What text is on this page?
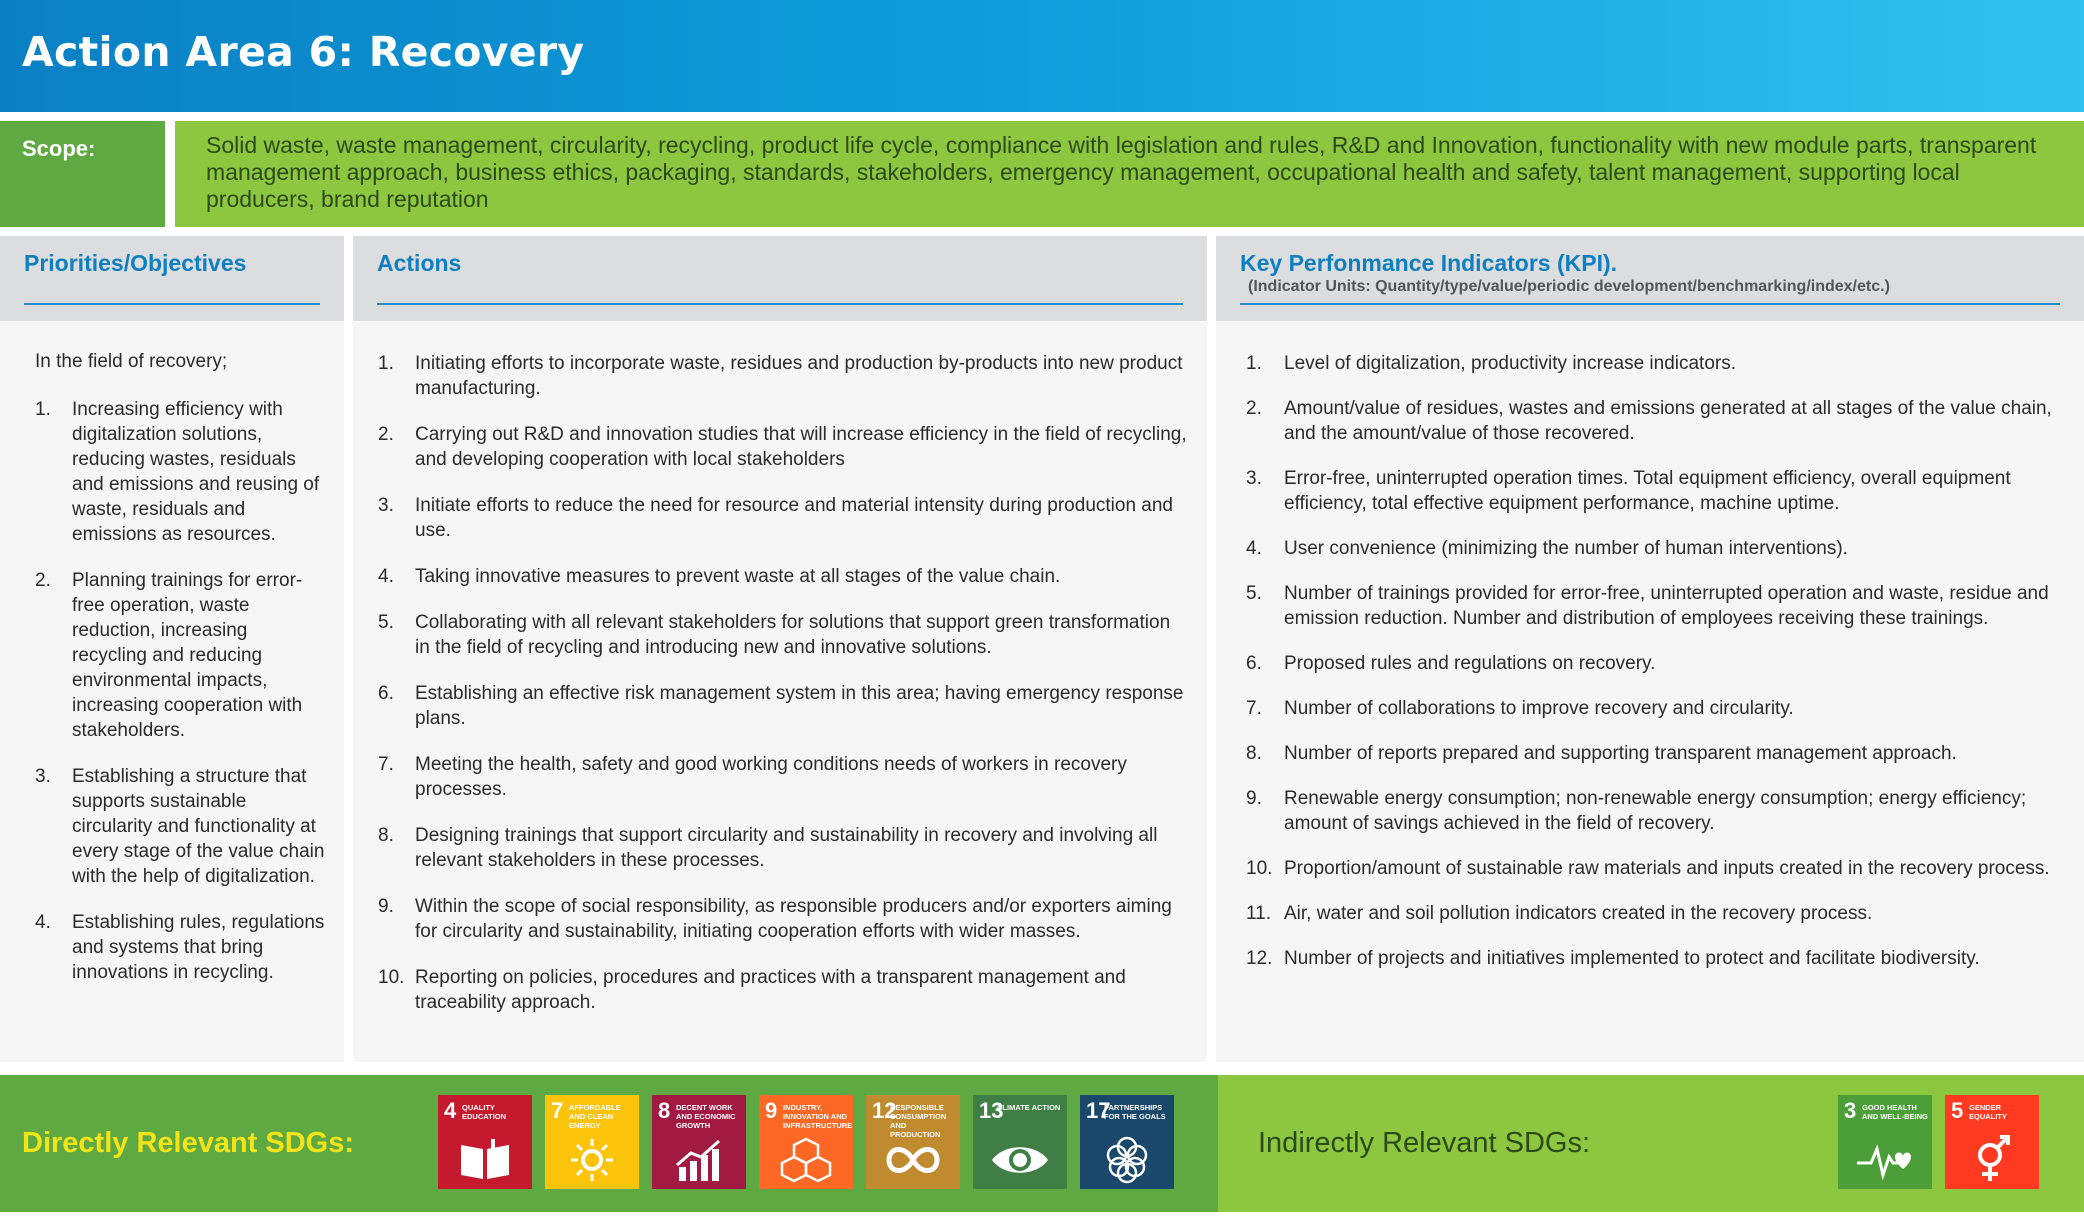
Action Area 6: Recovery
Scope:	Solid waste, waste management, circularity, recycling, product life cycle, compliance with legislation and rules, R&D and Innovation, functionality with new module parts, transparent management approach, business ethics, packaging, standards, stakeholders, emergency management, occupational health and safety, talent management, supporting local producers, brand reputation
Priorities/Objectives
In the field of recovery;
1.	Increasing efficiency with digitalization solutions, reducing wastes, residuals and emissions and reusing of waste, residuals and emissions as resources.
2.	Planning trainings for error-free operation, waste reduction, increasing recycling and reducing environmental impacts, increasing cooperation with stakeholders.
3.	Establishing a structure that supports sustainable circularity and functionality at every stage of the value chain with the help of digitalization.
4.	Establishing rules, regulations and systems that bring innovations in recycling.
Actions
1.	Initiating efforts to incorporate waste, residues and production by-products into new product manufacturing.
2.	Carrying out R&D and innovation studies that will increase efficiency in the field of recycling, and developing cooperation with local stakeholders
3.	Initiate efforts to reduce the need for resource and material intensity during production and use.
4.	Taking innovative measures to prevent waste at all stages of the value chain.
5.	Collaborating with all relevant stakeholders for solutions that support green transformation in the field of recycling and introducing new and innovative solutions.
6.	Establishing an effective risk management system in this area; having emergency response plans.
7.	Meeting the health, safety and good working conditions needs of workers in recovery processes.
8.	Designing trainings that support circularity and sustainability in recovery and involving all relevant stakeholders in these processes.
9.	Within the scope of social responsibility, as responsible producers and/or exporters aiming for circularity and sustainability, initiating cooperation efforts with wider masses.
10. Reporting on policies, procedures and practices with a transparent management and traceability approach.
Key Perfonmance Indicators (KPI).
(Indicator Units: Quantity/type/value/periodic development/benchmarking/index/etc.)
1.	Level of digitalization, productivity increase indicators.
2.	Amount/value of residues, wastes and emissions generated at all stages of the value chain, and the amount/value of those recovered.
3.	Error-free, uninterrupted operation times. Total equipment efficiency, overall equipment efficiency, total effective equipment performance, machine uptime.
4.	User convenience (minimizing the number of human interventions).
5.	Number of trainings provided for error-free, uninterrupted operation and waste, residue and emission reduction. Number and distribution of employees receiving these trainings.
6.	Proposed rules and regulations on recovery.
7.	Number of collaborations to improve recovery and circularity.
8.	Number of reports prepared and supporting transparent management approach.
9.	Renewable energy consumption; non-renewable energy consumption; energy efficiency; amount of savings achieved in the field of recovery.
10. Proportion/amount of sustainable raw materials and inputs created in the recovery process.
11. Air, water and soil pollution indicators created in the recovery process.
12. Number of projects and initiatives implemented to protect and facilitate biodiversity.
Directly Relevant SDGs:	Indirectly Relevant SDGs:
4 QUALITY EDUCATION	7 AFFORDABLE AND CLEAN ENERGY
8 DECENT WORK AND ECONOMIC GROWTH
9 INDUSTRY, INNOVATION AND INFRASTRUCTURE
12
RESPONSIBLE CONSUMPTION AND PRODUCTION
13
CLIMATE ACTION 17
PARTNERSHIPS FOR THE GOALS	3 GOOD HEALTH AND WELL-BEING 5 GENDER EQUALITY
